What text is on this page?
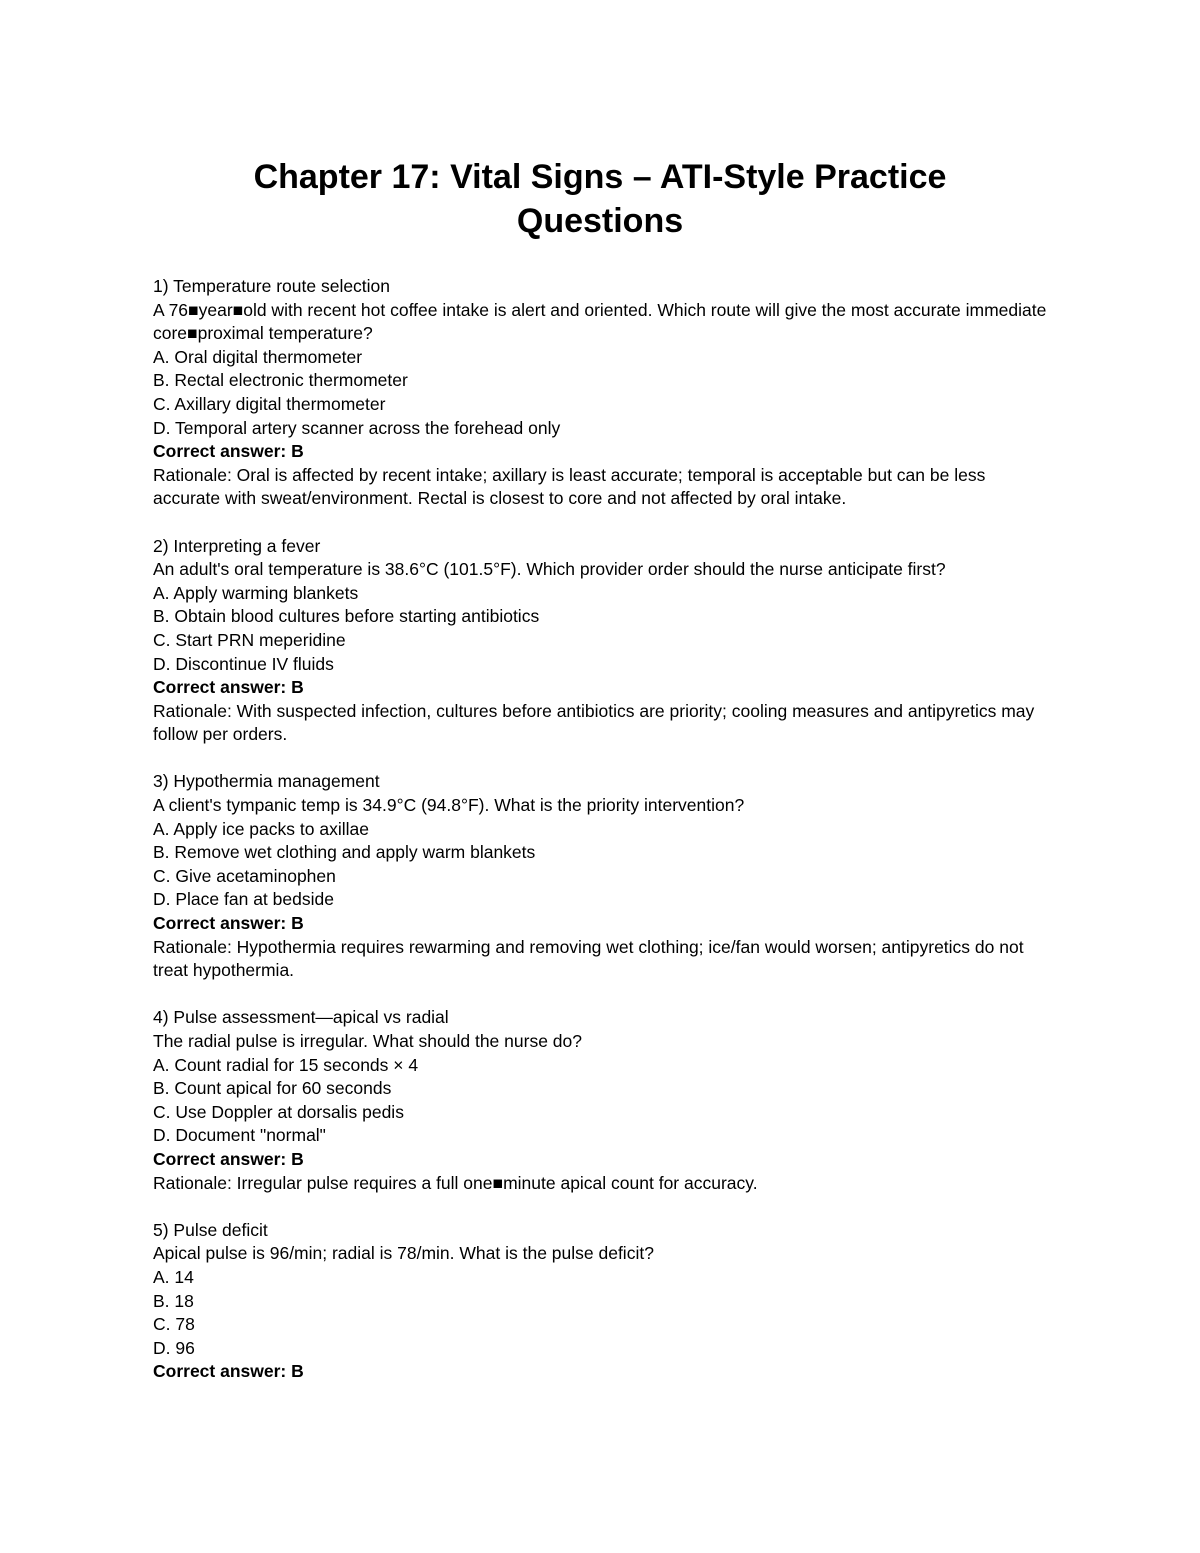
Chapter 17: Vital Signs – ATI-Style Practice
Questions
1) Temperature route selection
A 76■year■old with recent hot coffee intake is alert and oriented. Which route will give the most accurate immediate core■proximal temperature?
A. Oral digital thermometer
B. Rectal electronic thermometer
C. Axillary digital thermometer
D. Temporal artery scanner across the forehead only
Correct answer: B
Rationale: Oral is affected by recent intake; axillary is least accurate; temporal is acceptable but can be less accurate with sweat/environment. Rectal is closest to core and not affected by oral intake.
2) Interpreting a fever
An adult's oral temperature is 38.6°C (101.5°F). Which provider order should the nurse anticipate first?
A. Apply warming blankets
B. Obtain blood cultures before starting antibiotics
C. Start PRN meperidine
D. Discontinue IV fluids
Correct answer: B
Rationale: With suspected infection, cultures before antibiotics are priority; cooling measures and antipyretics may follow per orders.
3) Hypothermia management
A client's tympanic temp is 34.9°C (94.8°F). What is the priority intervention?
A. Apply ice packs to axillae
B. Remove wet clothing and apply warm blankets
C. Give acetaminophen
D. Place fan at bedside
Correct answer: B
Rationale: Hypothermia requires rewarming and removing wet clothing; ice/fan would worsen; antipyretics do not treat hypothermia.
4) Pulse assessment—apical vs radial
The radial pulse is irregular. What should the nurse do?
A. Count radial for 15 seconds × 4
B. Count apical for 60 seconds
C. Use Doppler at dorsalis pedis
D. Document "normal"
Correct answer: B
Rationale: Irregular pulse requires a full one■minute apical count for accuracy.
5) Pulse deficit
Apical pulse is 96/min; radial is 78/min. What is the pulse deficit?
A. 14
B. 18
C. 78
D. 96
Correct answer: B
